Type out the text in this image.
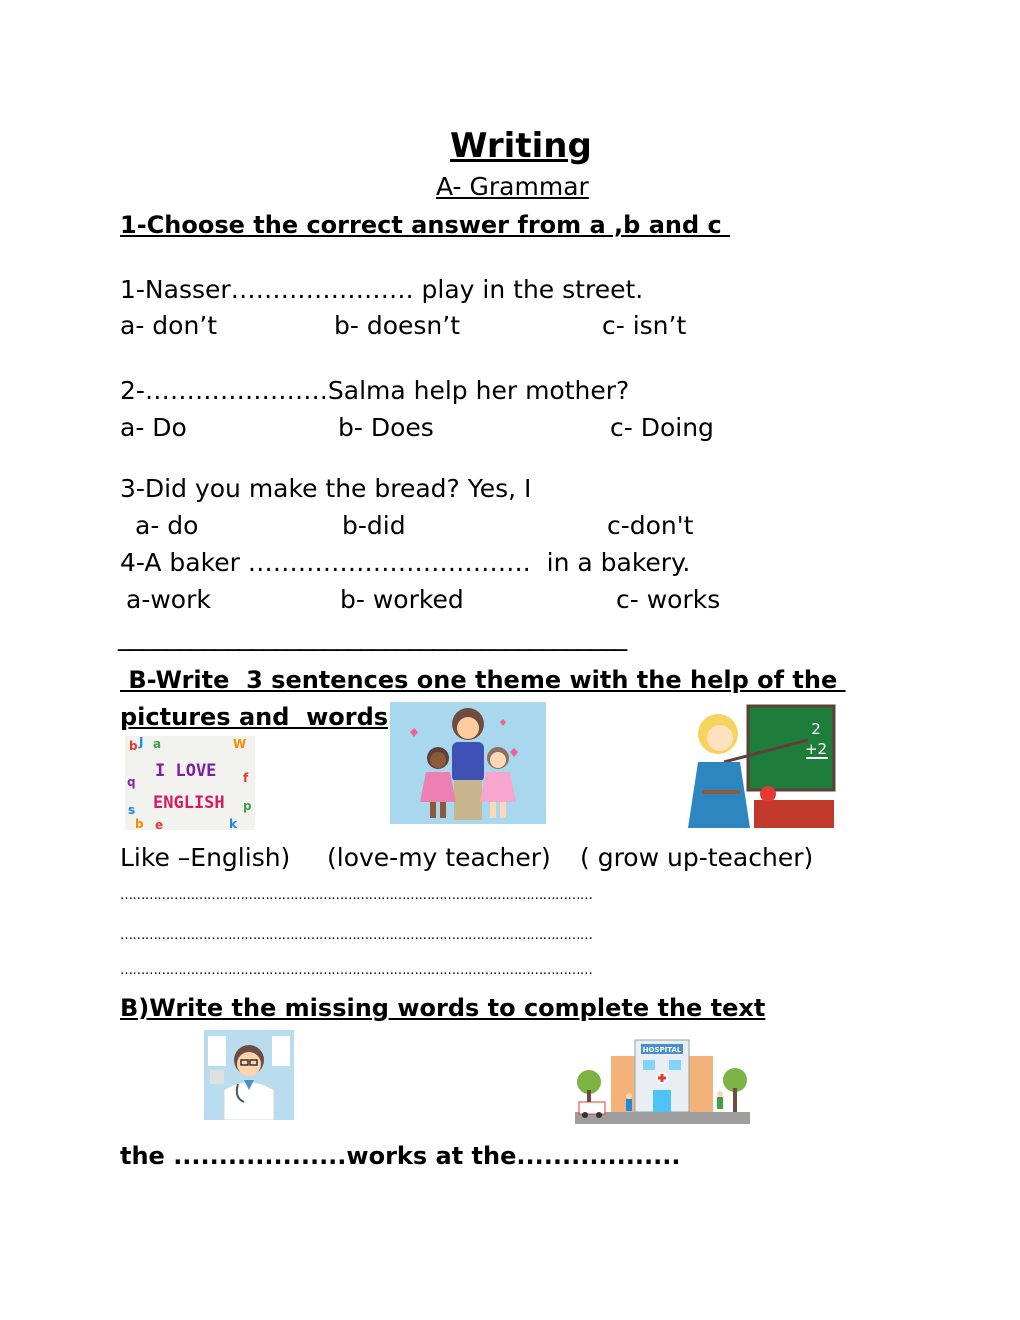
Writing
A- Grammar
1-Choose the correct answer from a ,b and c
1-Nasser…………………. play in the street.
a- don’t	b- doesn’t	c- isn’t
2-………………….Salma help her mother?
a- Do	b- Does	c- Doing
3-Did you make the bread? Yes, I
a- do	b-did	c-don't
4-A baker …………………………….  in a bakery.
a-work	b- worked	c- works
__________________________________________
B-Write  3 sentences one theme with the help of the
pictures and  words
b J a	W
q	f
s	p
b e	k
I LOVE
ENGLISH
2
+2
Like –English) (love-my teacher) ( grow up-teacher)
……………………………………………………………………………………………………
……………………………………………………………………………………………………
……………………………………………………………………………………………………
B)Write the missing words to complete the text
HOSPITAL
the ...................works at the..................
